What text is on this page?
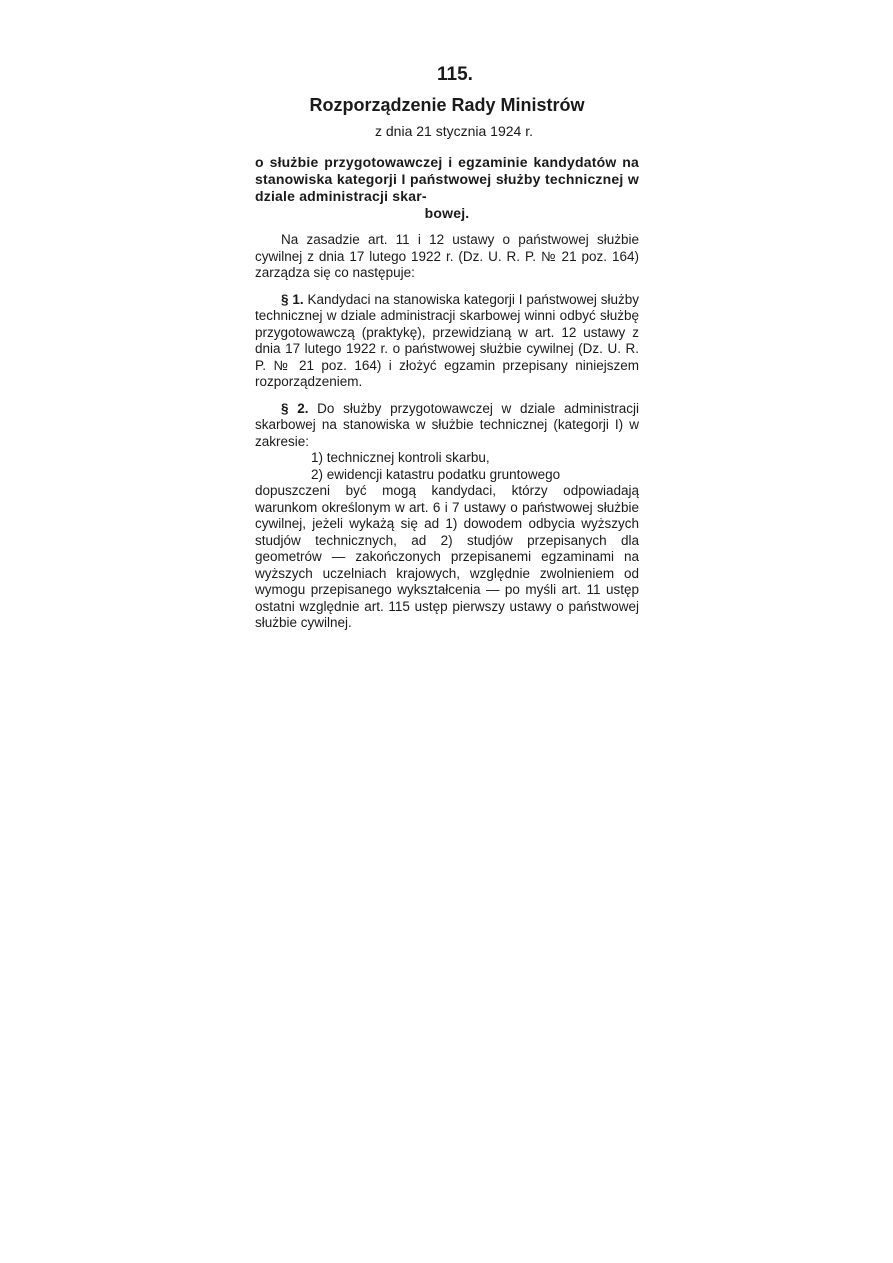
115.

Rozporządzenie Rady Ministrów

z dnia 21 stycznia 1924 r.

o służbie przygotowawczej i egzaminie kandydatów na stanowiska kategorji I państwowej służby technicznej w dziale administracji skar-
bowej.

Na zasadzie art. 11 i 12 ustawy o państwowej służbie cywilnej z dnia 17 lutego 1922 r. (Dz. U. R. P. № 21 poz. 164) zarządza się co następuje:

§ 1. Kandydaci na stanowiska kategorji I państwowej służby technicznej w dziale administracji skarbowej winni odbyć służbę przygotowawczą (praktykę), przewidzianą w art. 12 ustawy z dnia 17 lutego 1922 r. o państwowej służbie cywilnej (Dz. U. R. P. № 21 poz. 164) i złożyć egzamin przepisany niniejszem rozporządzeniem.

§ 2. Do służby przygotowawczej w dziale administracji skarbowej na stanowiska w służbie technicznej (kategorji I) w zakresie:

1) technicznej kontroli skarbu,

2) ewidencji katastru podatku gruntowego

dopuszczeni być mogą kandydaci, którzy odpowiadają warunkom określonym w art. 6 i 7 ustawy o państwowej służbie cywilnej, jeżeli wykażą się ad 1) dowodem odbycia wyższych studjów technicznych, ad 2) studjów przepisanych dla geometrów — zakończonych przepisanemi egzaminami na wyższych uczelniach krajowych, względnie zwolnieniem od wymogu przepisanego wykształcenia — po myśli art. 11 ustęp ostatni względnie art. 115 ustęp pierwszy ustawy o państwowej służbie cywilnej.
